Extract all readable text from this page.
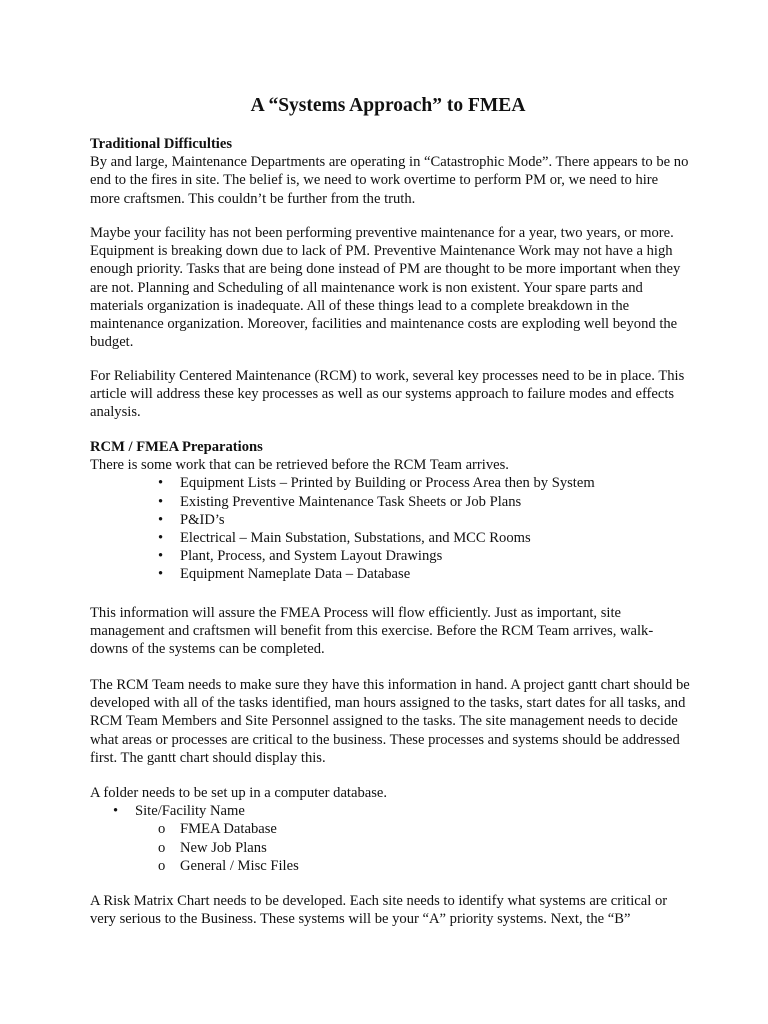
A “Systems Approach” to FMEA
Traditional Difficulties

By and large, Maintenance Departments are operating in “Catastrophic Mode”. There appears to be no end to the fires in site. The belief is, we need to work overtime to perform PM or, we need to hire more craftsmen. This couldn’t be further from the truth.

Maybe your facility has not been performing preventive maintenance for a year, two years, or more. Equipment is breaking down due to lack of PM. Preventive Maintenance Work may not have a high enough priority. Tasks that are being done instead of PM are thought to be more important when they are not. Planning and Scheduling of all maintenance work is non existent. Your spare parts and materials organization is inadequate. All of these things lead to a complete breakdown in the maintenance organization. Moreover, facilities and maintenance costs are exploding well beyond the budget.

For Reliability Centered Maintenance (RCM) to work, several key processes need to be in place. This article will address these key processes as well as our systems approach to failure modes and effects analysis.

RCM / FMEA Preparations

There is some work that can be retrieved before the RCM Team arrives.

• Equipment Lists – Printed by Building or Process Area then by System
• Existing Preventive Maintenance Task Sheets or Job Plans
• P&ID’s
• Electrical – Main Substation, Substations, and MCC Rooms
• Plant, Process, and System Layout Drawings
• Equipment Nameplate Data – Database

This information will assure the FMEA Process will flow efficiently. Just as important, site management and craftsmen will benefit from this exercise. Before the RCM Team arrives, walk-downs of the systems can be completed.

The RCM Team needs to make sure they have this information in hand. A project gantt chart should be developed with all of the tasks identified, man hours assigned to the tasks, start dates for all tasks, and RCM Team Members and Site Personnel assigned to the tasks. The site management needs to decide what areas or processes are critical to the business. These processes and systems should be addressed first. The gantt chart should display this.

A folder needs to be set up in a computer database.

• Site/Facility Name
o FMEA Database
o New Job Plans
o General / Misc Files

A Risk Matrix Chart needs to be developed. Each site needs to identify what systems are critical or very serious to the Business. These systems will be your “A” priority systems. Next, the “B”
